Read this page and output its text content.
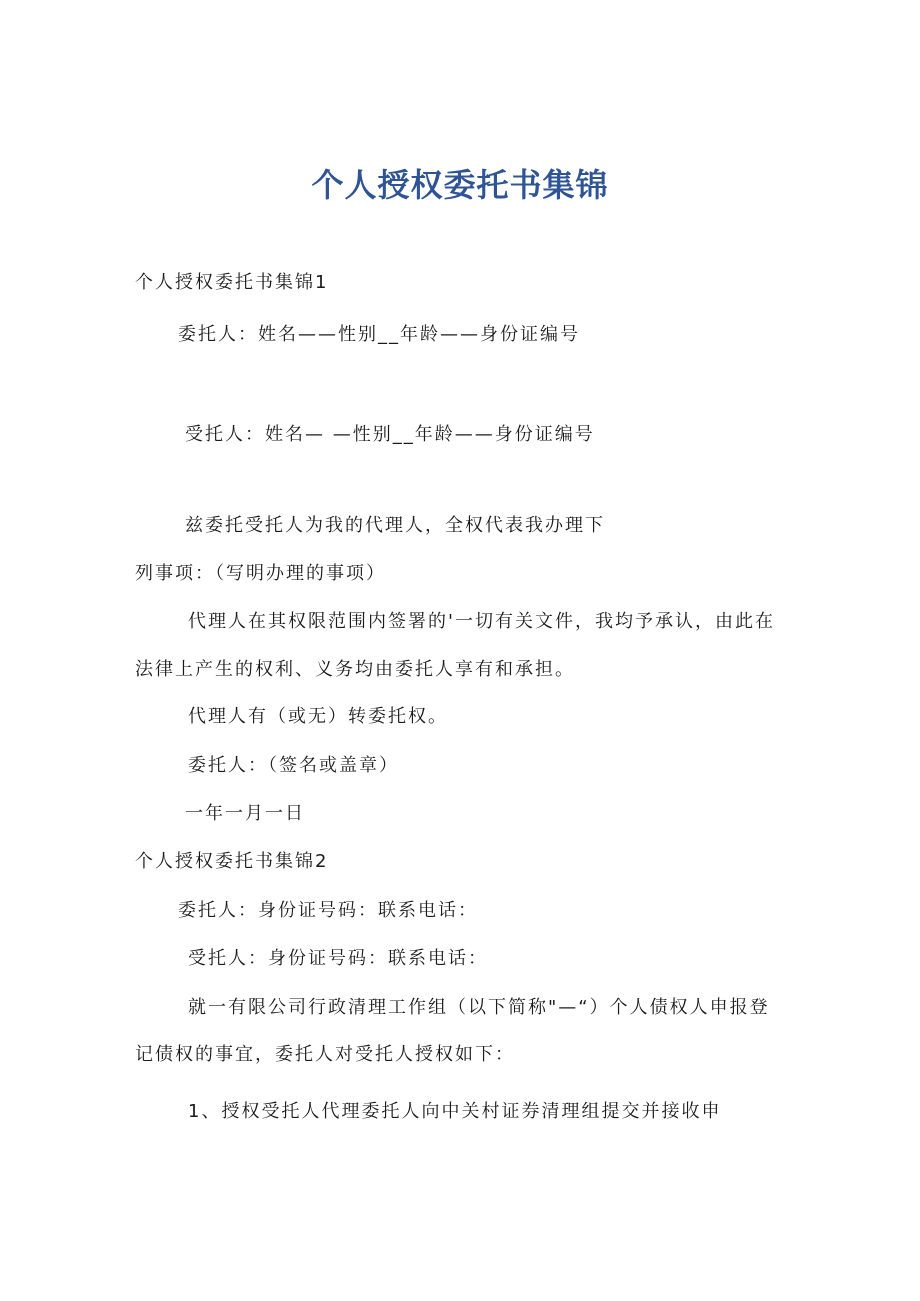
个人授权委托书集锦

个人授权委托书集锦1

委托人：姓名——性别__年龄——身份证编号

受托人：姓名— —性别__年龄——身份证编号

兹委托受托人为我的代理人，全权代表我办理下

列事项：（写明办理的事项）

代理人在其权限范围内签署的'一切有关文件，我均予承认，由此在

法律上产生的权利、义务均由委托人享有和承担。

代理人有（或无）转委托权。

委托人：（签名或盖章）

一年一月一日

个人授权委托书集锦2

委托人：身份证号码：联系电话：

受托人：身份证号码：联系电话：

就一有限公司行政清理工作组（以下简称"—“）个人债权人申报登

记债权的事宜，委托人对受托人授权如下：

1、授权受托人代理委托人向中关村证券清理组提交并接收申
